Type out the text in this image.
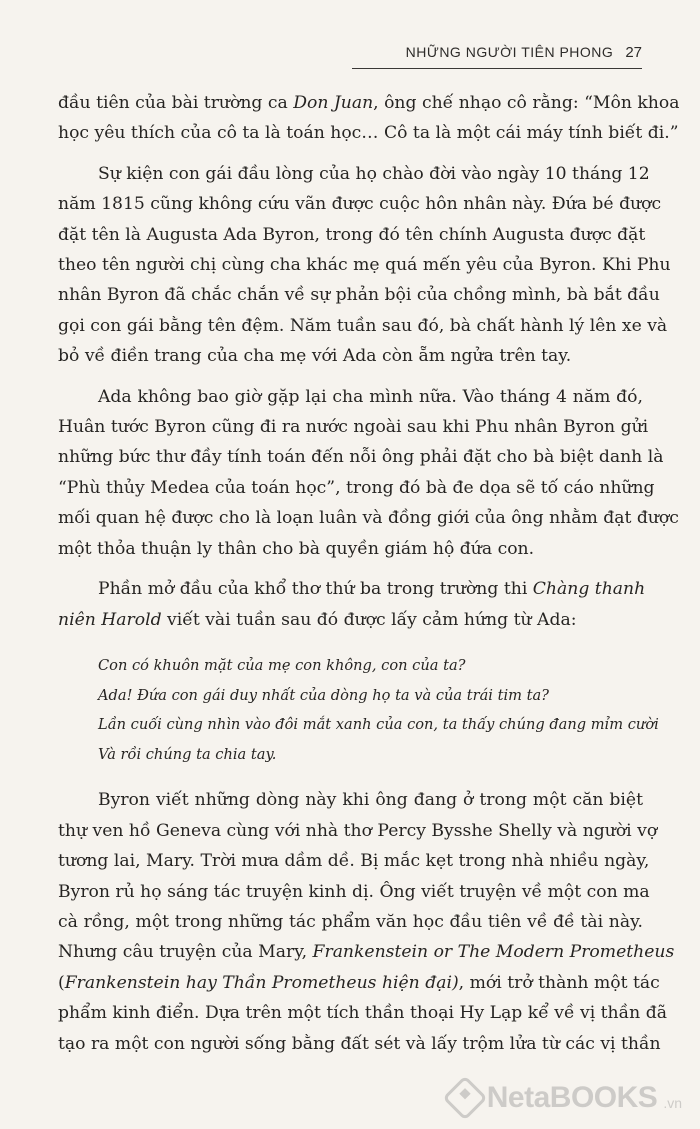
NHỮNG NGƯỜI TIÊN PHONG 27
đầu tiên của bài trường ca Don Juan, ông chế nhạo cô rằng: “Môn khoa
học yêu thích của cô ta là toán học… Cô ta là một cái máy tính biết đi.”
Sự kiện con gái đầu lòng của họ chào đời vào ngày 10 tháng 12
năm 1815 cũng không cứu vãn được cuộc hôn nhân này. Đứa bé được
đặt tên là Augusta Ada Byron, trong đó tên chính Augusta được đặt
theo tên người chị cùng cha khác mẹ quá mến yêu của Byron. Khi Phu
nhân Byron đã chắc chắn về sự phản bội của chồng mình, bà bắt đầu
gọi con gái bằng tên đệm. Năm tuần sau đó, bà chất hành lý lên xe và
bỏ về điền trang của cha mẹ với Ada còn ẵm ngửa trên tay.
Ada không bao giờ gặp lại cha mình nữa. Vào tháng 4 năm đó,
Huân tước Byron cũng đi ra nước ngoài sau khi Phu nhân Byron gửi
những bức thư đầy tính toán đến nỗi ông phải đặt cho bà biệt danh là
“Phù thủy Medea của toán học”, trong đó bà đe dọa sẽ tố cáo những
mối quan hệ được cho là loạn luân và đồng giới của ông nhằm đạt được
một thỏa thuận ly thân cho bà quyền giám hộ đứa con.
Phần mở đầu của khổ thơ thứ ba trong trường thi Chàng thanh
niên Harold viết vài tuần sau đó được lấy cảm hứng từ Ada:
Con có khuôn mặt của mẹ con không, con của ta?
Ada! Đứa con gái duy nhất của dòng họ ta và của trái tim ta?
Lần cuối cùng nhìn vào đôi mắt xanh của con, ta thấy chúng đang mỉm cười
Và rồi chúng ta chia tay.
Byron viết những dòng này khi ông đang ở trong một căn biệt
thự ven hồ Geneva cùng với nhà thơ Percy Bysshe Shelly và người vợ
tương lai, Mary. Trời mưa dầm dề. Bị mắc kẹt trong nhà nhiều ngày,
Byron rủ họ sáng tác truyện kinh dị. Ông viết truyện về một con ma
cà rồng, một trong những tác phẩm văn học đầu tiên về đề tài này.
Nhưng câu truyện của Mary, Frankenstein or The Modern Prometheus
(Frankenstein hay Thần Prometheus hiện đại), mới trở thành một tác
phẩm kinh điển. Dựa trên một tích thần thoại Hy Lạp kể về vị thần đã
tạo ra một con người sống bằng đất sét và lấy trộm lửa từ các vị thần
NetaBOOKS .vn
